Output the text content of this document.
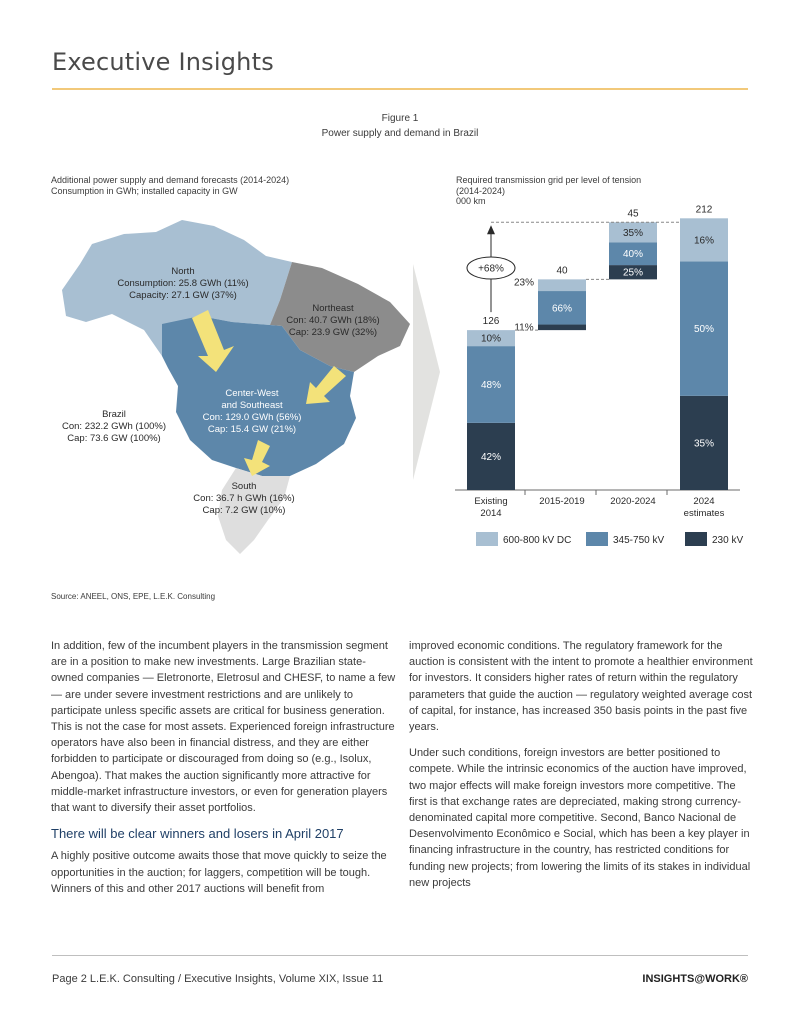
Executive Insights
Figure 1
Power supply and demand in Brazil
Additional power supply and demand forecasts (2014-2024)
Consumption in GWh; installed capacity in GW
Required transmission grid per level of tension
(2014-2024)
000 km
North
Consumption: 25.8 GWh (11%)
Capacity: 27.1 GW (37%)
Northeast
Con: 40.7 GWh (18%)
Cap: 23.9 GW (32%)
Center-West
and Southeast
Con: 129.0 GWh (56%)
Cap: 15.4 GW (21%)
South
Con: 36.7 h GWh (16%)
Cap: 7.2 GW (10%)
Brazil
Con: 232.2 GWh (100%)
Cap: 73.6 GW (100%)
42%
48%
10%
126
Existing
2014
11%
66%
23%
40
2015-2019
25%
40%
35%
45
2020-2024
35%
50%
16%
212
2024
estimates
+68%
600-800 kV DC	345-750 kV	230 kV
Source: ANEEL, ONS, EPE, L.E.K. Consulting

In addition, few of the incumbent players in the transmission segment are in a position to make new investments. Large Brazilian state-owned companies — Eletronorte, Eletrosul and CHESF, to name a few — are under severe investment restrictions and are unlikely to participate unless specific assets are critical for business generation. This is not the case for most assets. Experienced foreign infrastructure operators have also been in financial distress, and they are either forbidden to participate or discouraged from doing so (e.g., Isolux, Abengoa). That makes the auction significantly more attractive for middle-market infrastructure investors, or even for generation players that want to diversify their asset portfolios.

There will be clear winners and losers in April 2017

A highly positive outcome awaits those that move quickly to seize the opportunities in the auction; for laggers, competition will be tough. Winners of this and other 2017 auctions will benefit from

improved economic conditions. The regulatory framework for the auction is consistent with the intent to promote a healthier environment for investors. It considers higher rates of return within the regulatory parameters that guide the auction — regulatory weighted average cost of capital, for instance, has increased 350 basis points in the past five years.

Under such conditions, foreign investors are better positioned to compete. While the intrinsic economics of the auction have improved, two major effects will make foreign investors more competitive. The first is that exchange rates are depreciated, making strong currency-denominated capital more competitive. Second, Banco Nacional de Desenvolvimento Econômico e Social, which has been a key player in financing infrastructure in the country, has restricted conditions for funding new projects; from lowering the limits of its stakes in individual new projects

Page 2 L.E.K. Consulting / Executive Insights, Volume XIX, Issue 11	INSIGHTS@WORK®
